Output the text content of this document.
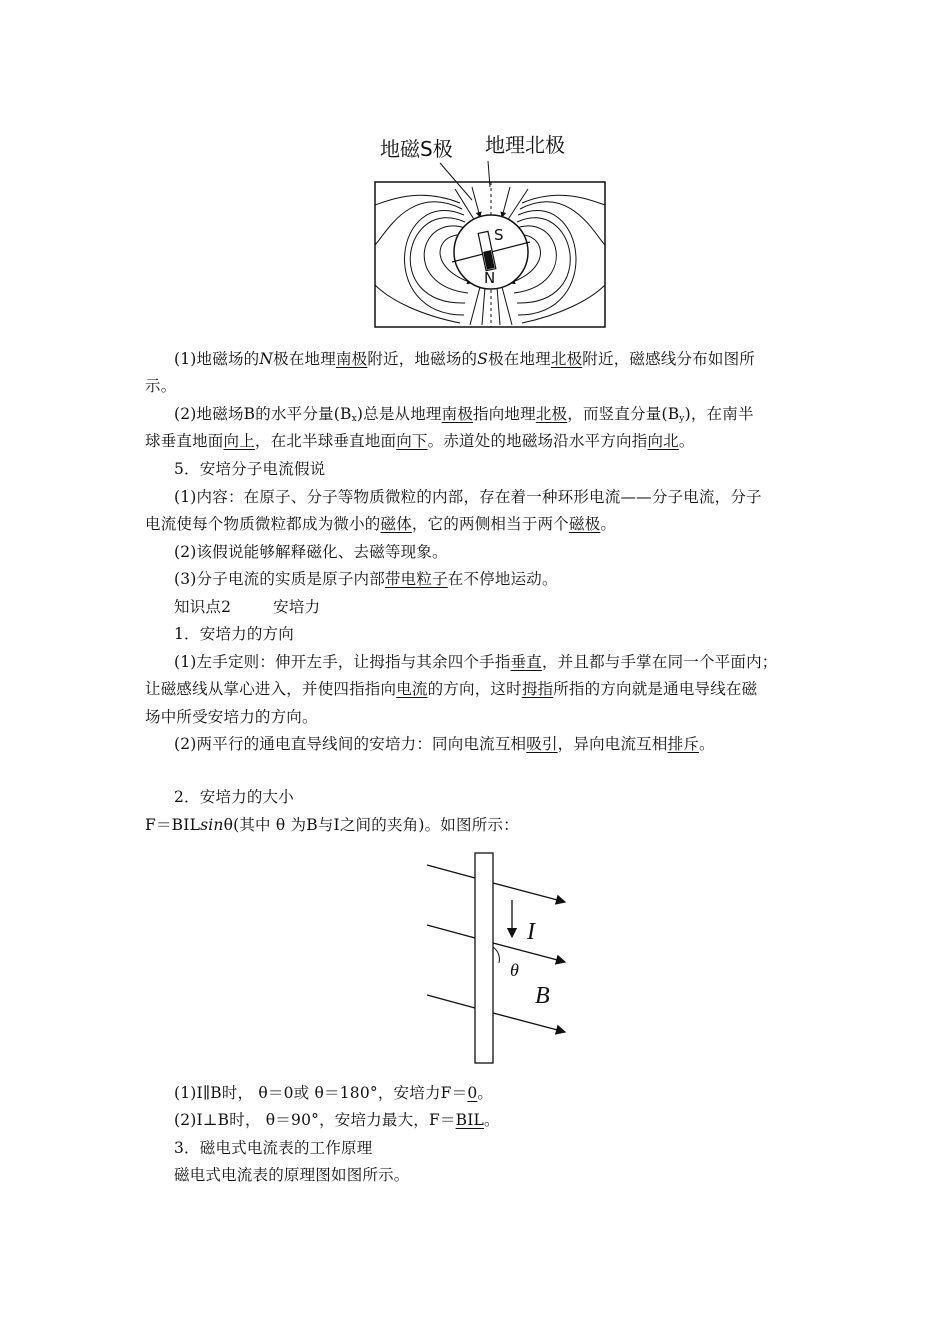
地磁S极 地理北极
S
N
(1)地磁场的N极在地理南极附近，地磁场的S极在地理北极附近，磁感线分布如图所
示。
(2)地磁场B的水平分量$(B_x)$总是从地理南极指向地理北极，而竖直分量$(B_y)$，在南半
球垂直地面向上，在北半球垂直地面向下。赤道处的地磁场沿水平方向指向北。
5．安培分子电流假说
(1)内容：在原子、分子等物质微粒的内部，存在着一种环形电流——分子电流，分子
电流使每个物质微粒都成为微小的磁体，它的两侧相当于两个磁极。
(2)该假说能够解释磁化、去磁等现象。
(3)分子电流的实质是原子内部带电粒子在不停地运动。
知识点2	安培力
1．安培力的方向
(1)左手定则：伸开左手，让拇指与其余四个手指垂直，并且都与手掌在同一个平面内；
让磁感线从掌心进入，并使四指指向电流的方向，这时拇指所指的方向就是通电导线在磁
场中所受安培力的方向。
(2)两平行的通电直导线间的安培力：同向电流互相吸引，异向电流互相排斥。
2．安培力的大小
F＝BILsinθ(其中 θ 为B与I之间的夹角)。如图所示：
I
θ
B
(1)I∥B时， θ＝0或 θ＝180°，安培力F＝0。
(2)I⊥B时， θ＝90°，安培力最大，F＝BIL。
3．磁电式电流表的工作原理
磁电式电流表的原理图如图所示。
